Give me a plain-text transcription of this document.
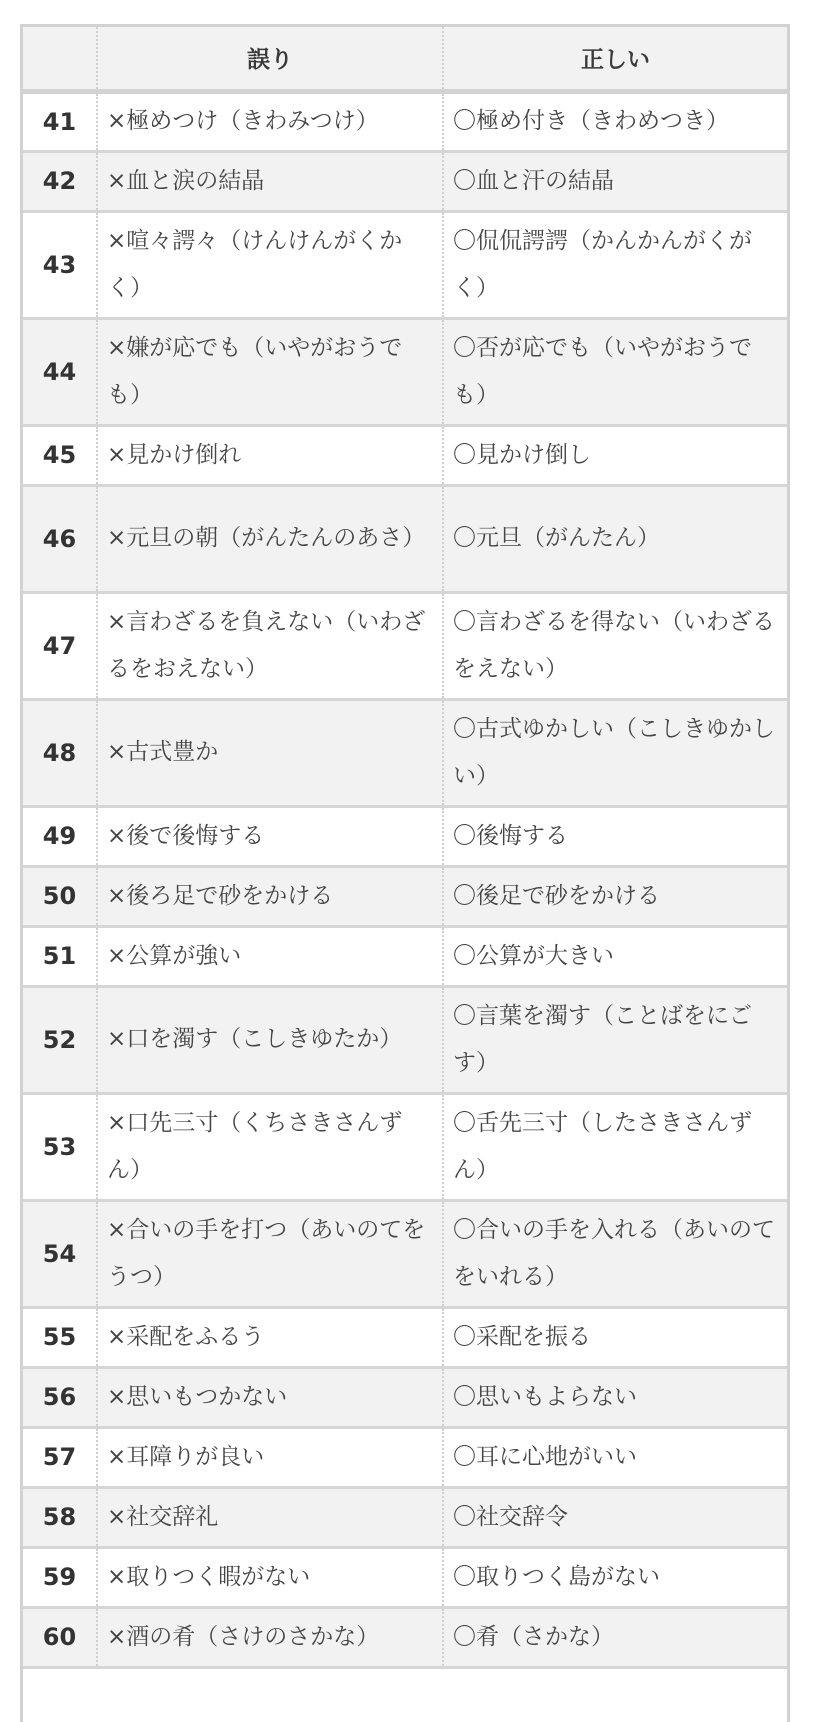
	誤り	正しい
41	×極めつけ（きわみつけ）	〇極め付き（きわめつき）
42	×血と涙の結晶	〇血と汗の結晶
43	×喧々諤々（けんけんがくかく）	〇侃侃諤諤（かんかんがくがく）
44	×嫌が応でも（いやがおうでも）	〇否が応でも（いやがおうでも）
45	×見かけ倒れ	〇見かけ倒し
46	×元旦の朝（がんたんのあさ）	〇元旦（がんたん）
47	×言わざるを負えない（いわざるをおえない）	〇言わざるを得ない（いわざるをえない）
48	×古式豊か	〇古式ゆかしい（こしきゆかしい）
49	×後で後悔する	〇後悔する
50	×後ろ足で砂をかける	〇後足で砂をかける
51	×公算が強い	〇公算が大きい
52	×口を濁す（こしきゆたか）	〇言葉を濁す（ことばをにごす）
53	×口先三寸（くちさきさんずん）	〇舌先三寸（したさきさんずん）
54	×合いの手を打つ（あいのてをうつ）	〇合いの手を入れる（あいのてをいれる）
55	×采配をふるう	〇采配を振る
56	×思いもつかない	〇思いもよらない
57	×耳障りが良い	〇耳に心地がいい
58	×社交辞礼	〇社交辞令
59	×取りつく暇がない	〇取りつく島がない
60	×酒の肴（さけのさかな）	〇肴（さかな）
